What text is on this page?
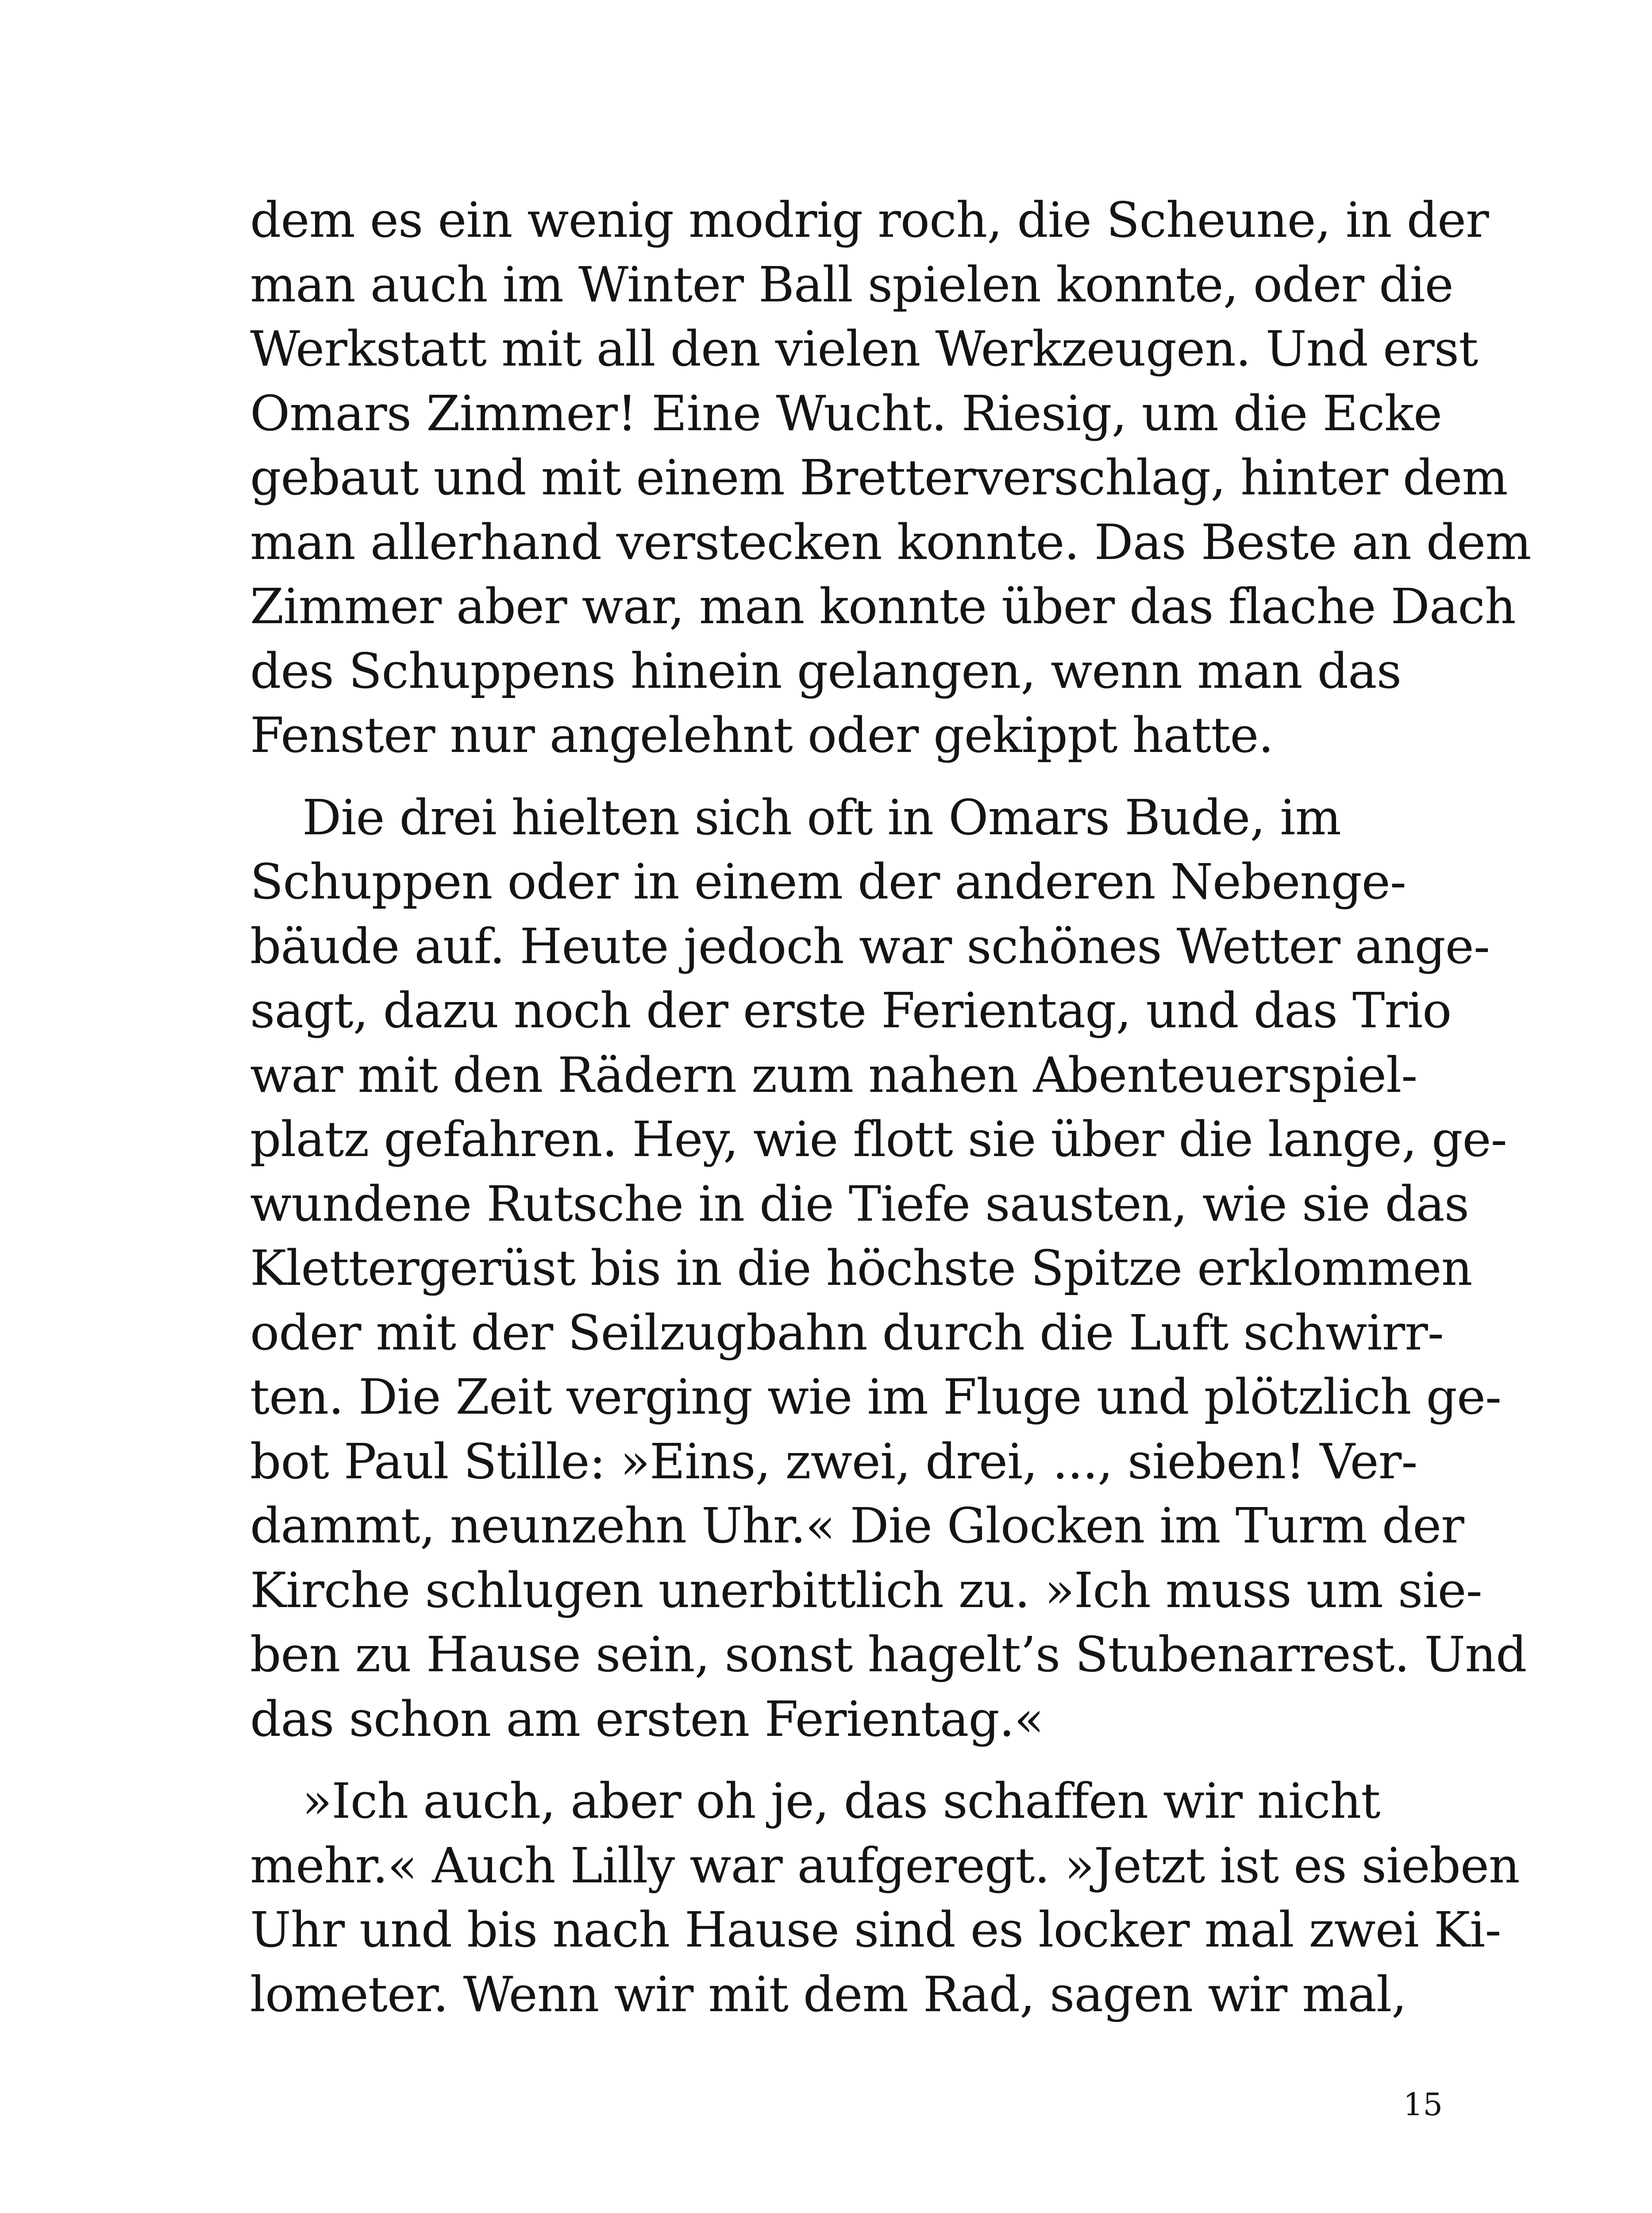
dem es ein wenig modrig roch, die Scheune, in der
man auch im Winter Ball spielen konnte, oder die
Werkstatt mit all den vielen Werkzeugen. Und erst
Omars Zimmer! Eine Wucht. Riesig, um die Ecke
gebaut und mit einem Bretterverschlag, hinter dem
man allerhand verstecken konnte. Das Beste an dem
Zimmer aber war, man konnte über das flache Dach
des Schuppens hinein gelangen, wenn man das
Fenster nur angelehnt oder gekippt hatte.
Die drei hielten sich oft in Omars Bude, im
Schuppen oder in einem der anderen Nebenge-
bäude auf. Heute jedoch war schönes Wetter ange-
sagt, dazu noch der erste Ferientag, und das Trio
war mit den Rädern zum nahen Abenteuerspiel-
platz gefahren. Hey, wie flott sie über die lange, ge-
wundene Rutsche in die Tiefe sausten, wie sie das
Klettergerüst bis in die höchste Spitze erklommen
oder mit der Seilzugbahn durch die Luft schwirr-
ten. Die Zeit verging wie im Fluge und plötzlich ge-
bot Paul Stille: »Eins, zwei, drei, ..., sieben! Ver-
dammt, neunzehn Uhr.« Die Glocken im Turm der
Kirche schlugen unerbittlich zu. »Ich muss um sie-
ben zu Hause sein, sonst hagelt’s Stubenarrest. Und
das schon am ersten Ferientag.«
»Ich auch, aber oh je, das schaffen wir nicht
mehr.« Auch Lilly war aufgeregt. »Jetzt ist es sieben
Uhr und bis nach Hause sind es locker mal zwei Ki-
lometer. Wenn wir mit dem Rad, sagen wir mal,
15
